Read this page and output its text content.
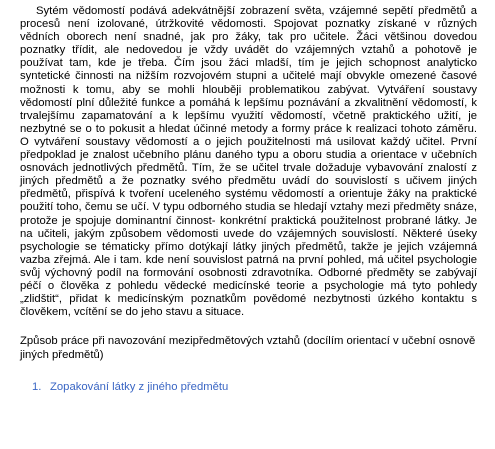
Sytém vědomostí podává adekvátnější zobrazení světa, vzájemné sepětí předmětů a procesů není izolované, útržkovité vědomosti. Spojovat poznatky získané v různých vědních oborech není snadné, jak pro žáky, tak pro učitele. Žáci většinou dovedou poznatky třídit, ale nedovedou je vždy uvádět do vzájemných vztahů a pohotově je používat tam, kde je třeba. Čím jsou žáci mladší, tím je jejich schopnost analyticko syntetické činnosti na nižším rozvojovém stupni a učitelé mají obvykle omezené časové možnosti k tomu, aby se mohli hlouběji problematikou zabývat. Vytváření soustavy vědomostí plní důležité funkce a pomáhá k lepšímu poznávání a zkvalitnění vědomostí, k trvalejšímu zapamatování a k lepšímu využití vědomostí, včetně praktického užití, je nezbytné se o to pokusit a hledat účinné metody a formy práce k realizaci tohoto záměru. O vytváření soustavy vědomostí a o jejich použitelnosti má usilovat každý učitel. První předpoklad je znalost učebního plánu daného typu a oboru studia a orientace v učebních osnovách jednotlivých předmětů. Tím, že se učitel trvale dožaduje vybavování znalostí z jiných předmětů a že poznatky svého předmětu uvádí do souvislostí s učivem jiných předmětů, přispívá k tvoření uceleného systému vědomostí a orientuje žáky na praktické použití toho, čemu se učí. V typu odborného studia se hledají vztahy mezi předměty snáze, protože je spojuje dominantní činnost- konkrétní praktická použitelnost probrané látky. Je na učiteli, jakým způsobem vědomosti uvede do vzájemných souvislostí. Některé úseky psychologie se tématicky přímo dotýkají látky jiných předmětů, takže je jejich vzájemná vazba zřejmá. Ale i tam. kde není souvislost patrná na první pohled, má učitel psychologie svůj výchovný podíl na formování osobnosti zdravotníka. Odborné předměty se zabývají péčí o člověka z pohledu vědecké medicínské teorie a psychologie má tyto pohledy „zlidštit“, přidat k medicínským poznatkům povědomé nezbytnosti úzkého kontaktu s člověkem, vcítění se do jeho stavu a situace.

Způsob práce při navozování mezipředmětových vztahů (docílím orientací v učební osnově jiných předmětů)

1. Zopakování látky z jiného předmětu
